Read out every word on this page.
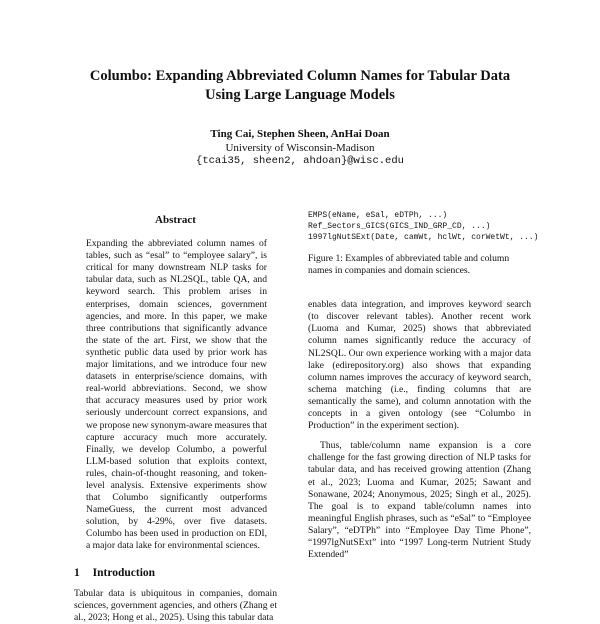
Columbo: Expanding Abbreviated Column Names for Tabular Data
Using Large Language Models
Ting Cai, Stephen Sheen, AnHai Doan
University of Wisconsin-Madison
{tcai35, sheen2, ahdoan}@wisc.edu
Abstract

Expanding the abbreviated column names of tables, such as “esal” to “employee salary”, is critical for many downstream NLP tasks for tabular data, such as NL2SQL, table QA, and keyword search. This problem arises in enterprises, domain sciences, government agencies, and more. In this paper, we make three contributions that significantly advance the state of the art. First, we show that the synthetic public data used by prior work has major limitations, and we introduce four new datasets in enterprise/science domains, with real-world abbreviations. Second, we show that accuracy measures used by prior work seriously undercount correct expansions, and we propose new synonym-aware measures that capture accuracy much more accurately. Finally, we develop Columbo, a powerful LLM-based solution that exploits context, rules, chain-of-thought reasoning, and token-level analysis. Extensive experiments show that Columbo significantly outperforms NameGuess, the current most advanced solution, by 4-29%, over five datasets. Columbo has been used in production on EDI, a major data lake for environmental sciences.

1 Introduction

Tabular data is ubiquitous in companies, domain sciences, government agencies, and others (Zhang et al., 2023; Hong et al., 2025). Using this tabular data

EMPS(eName, eSal, eDTPh, ...)
Ref_Sectors_GICS(GICS_IND_GRP_CD, ...)
1997lgNutSExt(Date, camWt, hclWt, corWetWt, ...)

Figure 1: Examples of abbreviated table and column names in companies and domain sciences.

enables data integration, and improves keyword search (to discover relevant tables). Another recent work (Luoma and Kumar, 2025) shows that abbreviated column names significantly reduce the accuracy of NL2SQL. Our own experience working with a major data lake (edirepository.org) also shows that expanding column names improves the accuracy of keyword search, schema matching (i.e., finding columns that are semantically the same), and column annotation with the concepts in a given ontology (see “Columbo in Production” in the experiment section).

Thus, table/column name expansion is a core challenge for the fast growing direction of NLP tasks for tabular data, and has received growing attention (Zhang et al., 2023; Luoma and Kumar, 2025; Sawant and Sonawane, 2024; Anonymous, 2025; Singh et al., 2025). The goal is to expand table/column names into meaningful English phrases, such as “eSal” to “Employee Salary”, “eDTPh” into “Employee Day Time Phone”, “1997lgNutSExt” into “1997 Long-term Nutrient Study Extended”
